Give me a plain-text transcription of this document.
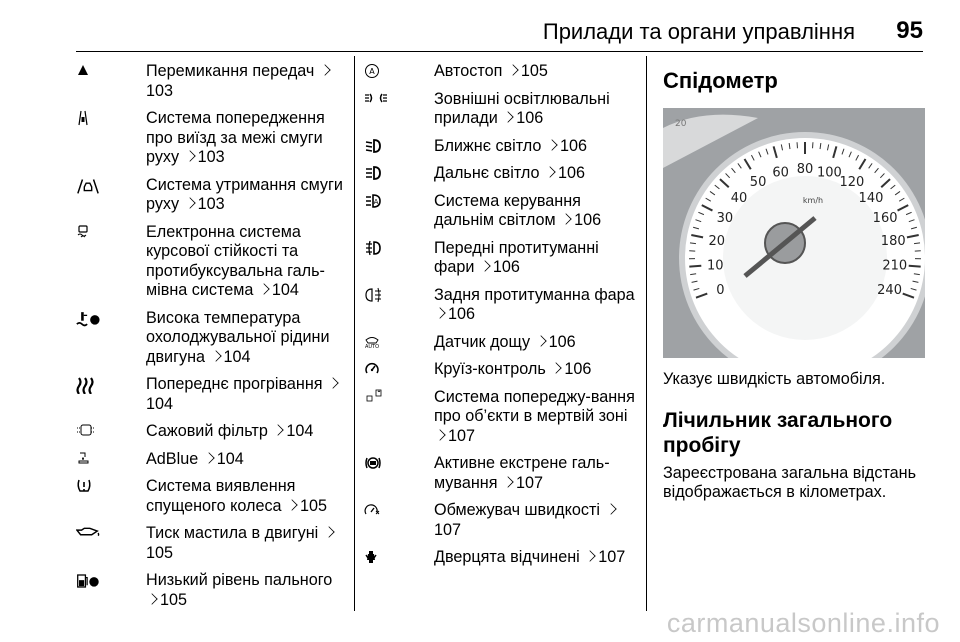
Прилади та органи управління 95
Перемикання передач 103
Система попередження про виїзд за межі смуги руху 103
Система утримання смуги руху 103
Електронна система курсової стійкості та протибуксувальна галь-мівна система 104
Висока температура охолоджувальної рідини двигуна 104
Попереднє прогрівання 104
Сажовий фільтр 104
AdBlue 104
Система виявлення спущеного колеса 105
Тиск мастила в двигуні 105
Низький рівень пального 105
A	Автостоп 105
Зовнішні освітлювальні прилади 106
Ближнє світло 106
Дальнє світло 106
A	Система керування дальнім світлом 106
Передні протитуманні фари 106
Задня протитуманна фара 106
AUTO	Датчик дощу 106
Круїз-контроль 106
Система попереджу-вання про об’єкти в мертвій зоні 107
Активне екстрене галь-мування 107
Обмежувач швидкості 107
Дверцята відчинені 107
Спідометр
0
10
20
30
40
50
60 80 100
120
140
160
180
210
240
km/h
20
Указує швидкість автомобіля.
Лічильник загального пробігу
Зареєстрована загальна відстань відображається в кілометрах.
carmanualsonline.info
